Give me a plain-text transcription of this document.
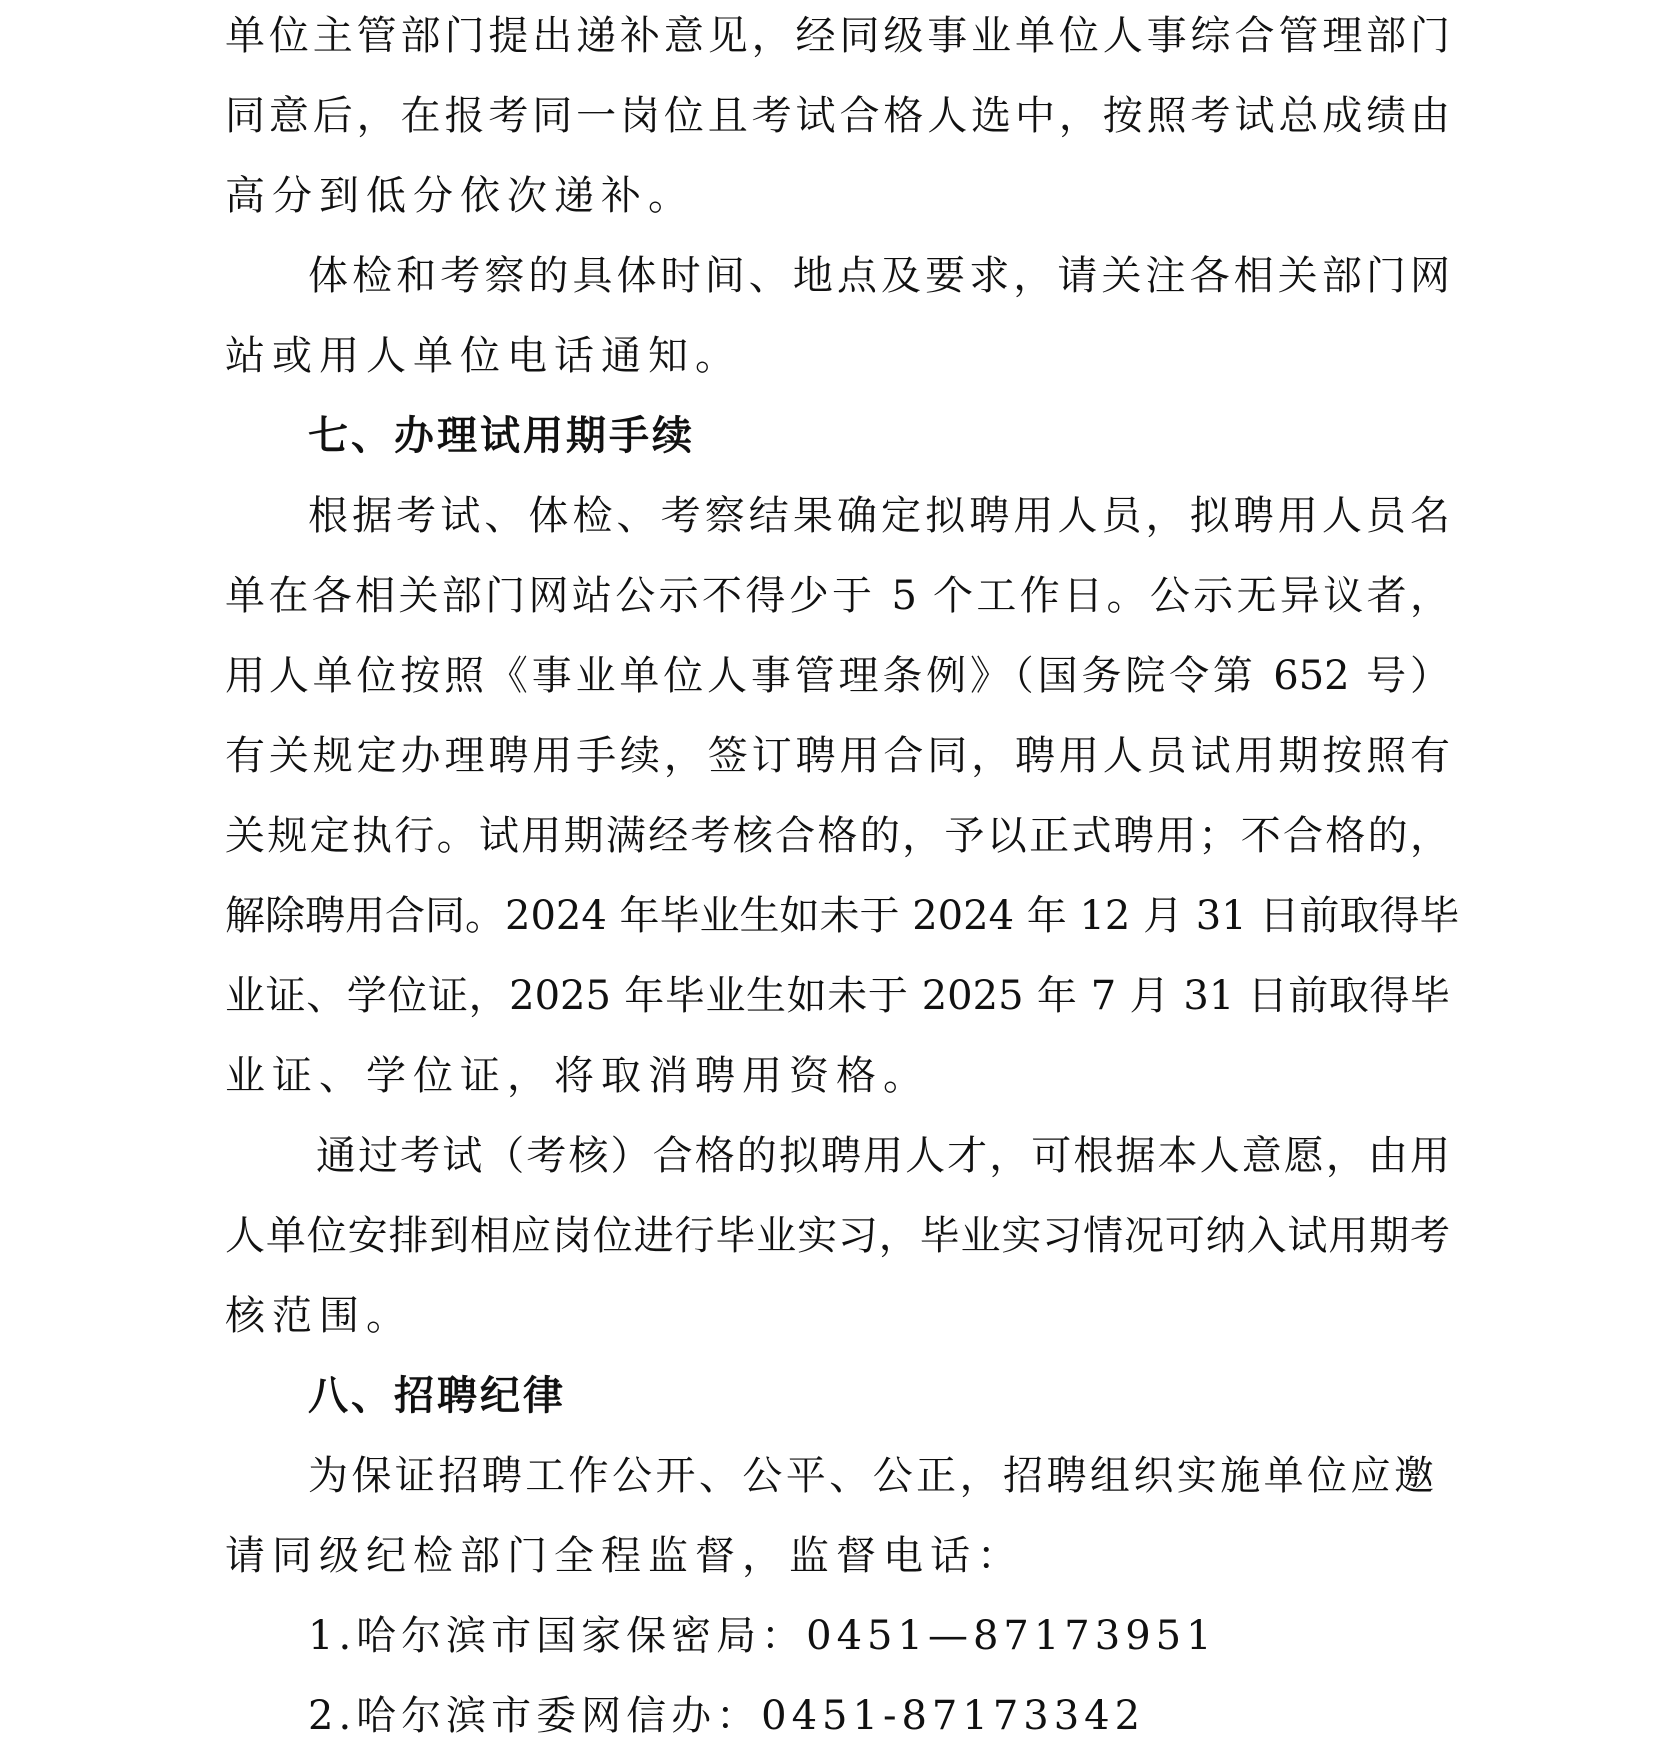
单位主管部门提出递补意见，经同级事业单位人事综合管理部门
同意后，在报考同一岗位且考试合格人选中，按照考试总成绩由
高分到低分依次递补。
体检和考察的具体时间、地点及要求，请关注各相关部门网
站或用人单位电话通知。
七、办理试用期手续
根据考试、体检、考察结果确定拟聘用人员，拟聘用人员名
单在各相关部门网站公示不得少于 5 个工作日。公示无异议者，
用人单位按照《事业单位人事管理条例》（国务院令第 652 号）
有关规定办理聘用手续，签订聘用合同，聘用人员试用期按照有
关规定执行。试用期满经考核合格的，予以正式聘用；不合格的，
解除聘用合同。2024 年毕业生如未于 2024 年 12 月 31 日前取得毕
业证、学位证，2025 年毕业生如未于 2025 年 7 月 31 日前取得毕
业证、学位证，将取消聘用资格。
通过考试（考核）合格的拟聘用人才，可根据本人意愿，由用
人单位安排到相应岗位进行毕业实习，毕业实习情况可纳入试用期考
核范围。
八、招聘纪律
为保证招聘工作公开、公平、公正，招聘组织实施单位应邀
请同级纪检部门全程监督，监督电话：
1.哈尔滨市国家保密局：0451—87173951
2.哈尔滨市委网信办：0451-87173342
